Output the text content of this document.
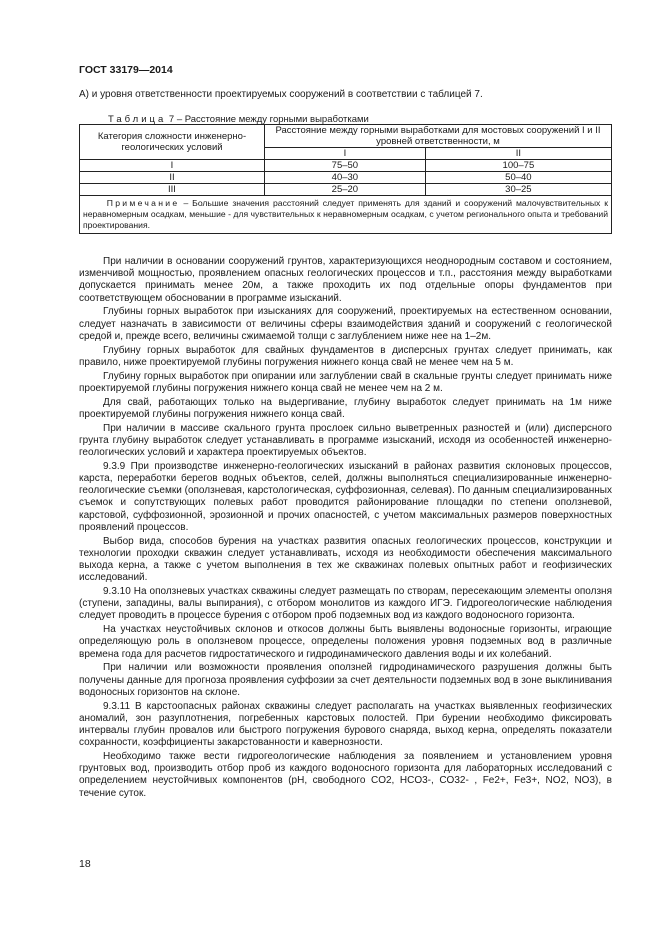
ГОСТ 33179—2014
А) и уровня ответственности проектируемых сооружений в соответствии с таблицей 7.
Таблица 7 – Расстояние между горными выработками
Категория сложности инженерно-геологических условий	Расстояние между горными выработками для мостовых сооружений I и II уровней ответственности, м	
	I	II
I	75–50	100–75
II	40–30	50–40
III	25–20	30–25
Примечание – Большие значения расстояний следует применять для зданий и сооружений малочувствительных к неравномерным осадкам, меньшие - для чувствительных к неравномерным осадкам, с учетом регионального опыта и требований проектирования.		

При наличии в основании сооружений грунтов, характеризующихся неоднородным составом и состоянием, изменчивой мощностью, проявлением опасных геологических процессов и т.п., расстояния между выработками допускается принимать менее 20м, а также проходить их под отдельные опоры фундаментов при соответствующем обосновании в программе изысканий.

Глубины горных выработок при изысканиях для сооружений, проектируемых на естественном основании, следует назначать в зависимости от величины сферы взаимодействия зданий и сооружений с геологической средой и, прежде всего, величины сжимаемой толщи с заглублением ниже нее на 1–2м.

Глубину горных выработок для свайных фундаментов в дисперсных грунтах следует принимать, как правило, ниже проектируемой глубины погружения нижнего конца свай не менее чем на 5 м.

Глубину горных выработок при опирании или заглублении свай в скальные грунты следует принимать ниже проектируемой глубины погружения нижнего конца свай не менее чем на 2 м.

Для свай, работающих только на выдергивание, глубину выработок следует принимать на 1м ниже проектируемой глубины погружения нижнего конца свай.

При наличии в массиве скального грунта прослоек сильно выветренных разностей и (или) дисперсного грунта глубину выработок следует устанавливать в программе изысканий, исходя из особенностей инженерно-геологических условий и характера проектируемых объектов.

9.3.9 При производстве инженерно-геологических изысканий в районах развития склоновых процессов, карста, переработки берегов водных объектов, селей, должны выполняться специализированные инженерно-геологические съемки (оползневая, карстологическая, суффозионная, селевая). По данным специализированных съемок и сопутствующих полевых работ проводится районирование площадки по степени оползневой, карстовой, суффозионной, эрозионной и прочих опасностей, с учетом максимальных размеров поверхностных проявлений процессов.

Выбор вида, способов бурения на участках развития опасных геологических процессов, конструкции и технологии проходки скважин следует устанавливать, исходя из необходимости обеспечения максимального выхода керна, а также с учетом выполнения в тех же скважинах полевых опытных работ и геофизических исследований.

9.3.10 На оползневых участках скважины следует размещать по створам, пересекающим элементы оползня (ступени, западины, валы выпирания), с отбором монолитов из каждого ИГЭ. Гидрогеологические наблюдения следует проводить в процессе бурения с отбором проб подземных вод из каждого водоносного горизонта.

На участках неустойчивых склонов и откосов должны быть выявлены водоносные горизонты, играющие определяющую роль в оползневом процессе, определены положения уровня подземных вод в различные времена года для расчетов гидростатического и гидродинамического давления воды и их колебаний.

При наличии или возможности проявления оползней гидродинамического разрушения должны быть получены данные для прогноза проявления суффозии за счет деятельности подземных вод в зоне выклинивания водоносных горизонтов на склоне.

9.3.11 В карстоопасных районах скважины следует располагать на участках выявленных геофизических аномалий, зон разуплотнения, погребенных карстовых полостей. При бурении необходимо фиксировать интервалы глубин провалов или быстрого погружения бурового снаряда, выход керна, определять показатели сохранности, коэффициенты закарстованности и кавернозности.

Необходимо также вести гидрогеологические наблюдения за появлением и установлением уровня грунтовых вод, производить отбор проб из каждого водоносного горизонта для лабораторных исследований с определением неустойчивых компонентов (pH, свободного CO2, HCO3-, CO32- , Fe2+, Fe3+, NO2, NO3), в течение суток.

18
